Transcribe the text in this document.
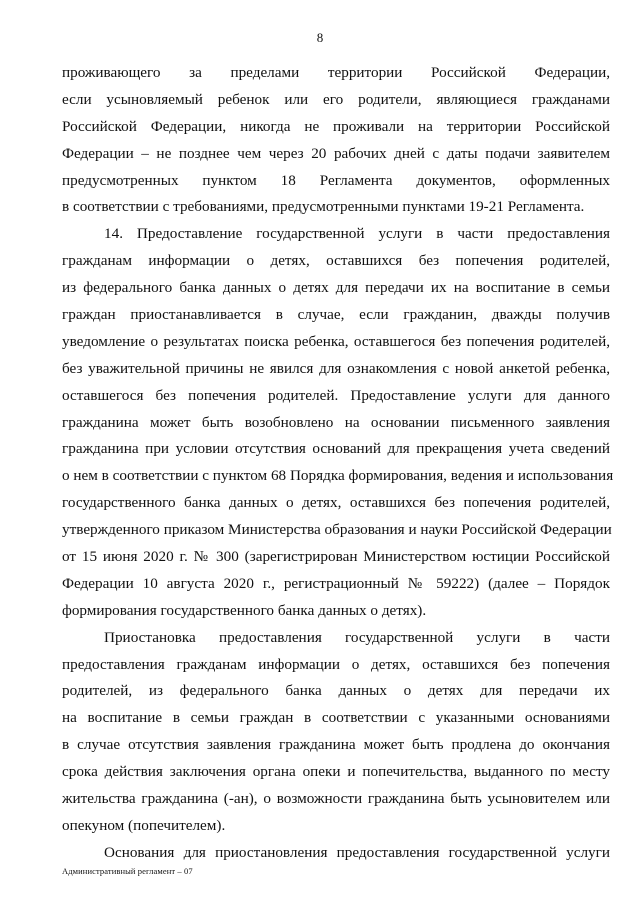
8

проживающего за пределами территории Российской Федерации,
если усыновляемый ребенок или его родители, являющиеся гражданами
Российской Федерации, никогда не проживали на территории Российской
Федерации – не позднее чем через 20 рабочих дней с даты подачи заявителем
предусмотренных пунктом 18 Регламента документов, оформленных
в соответствии с требованиями, предусмотренными пунктами 19-21 Регламента.

14. Предоставление государственной услуги в части предоставления
гражданам информации о детях, оставшихся без попечения родителей,
из федерального банка данных о детях для передачи их на воспитание в семьи
граждан приостанавливается в случае, если гражданин, дважды получив
уведомление о результатах поиска ребенка, оставшегося без попечения родителей,
без уважительной причины не явился для ознакомления с новой анкетой ребенка,
оставшегося без попечения родителей. Предоставление услуги для данного
гражданина может быть возобновлено на основании письменного заявления
гражданина при условии отсутствия оснований для прекращения учета сведений
о нем в соответствии с пунктом 68 Порядка формирования, ведения и использования
государственного банка данных о детях, оставшихся без попечения родителей,
утвержденного приказом Министерства образования и науки Российской Федерации
от 15 июня 2020 г. № 300 (зарегистрирован Министерством юстиции Российской
Федерации 10 августа 2020 г., регистрационный № 59222) (далее – Порядок
формирования государственного банка данных о детях).

Приостановка предоставления государственной услуги в части
предоставления гражданам информации о детях, оставшихся без попечения
родителей, из федерального банка данных о детях для передачи их
на воспитание в семьи граждан в соответствии с указанными основаниями
в случае отсутствия заявления гражданина может быть продлена до окончания
срока действия заключения органа опеки и попечительства, выданного по месту
жительства гражданина (-ан), о возможности гражданина быть усыновителем или
опекуном (попечителем).

Основания для приостановления предоставления государственной услуги

Административный регламент – 07
